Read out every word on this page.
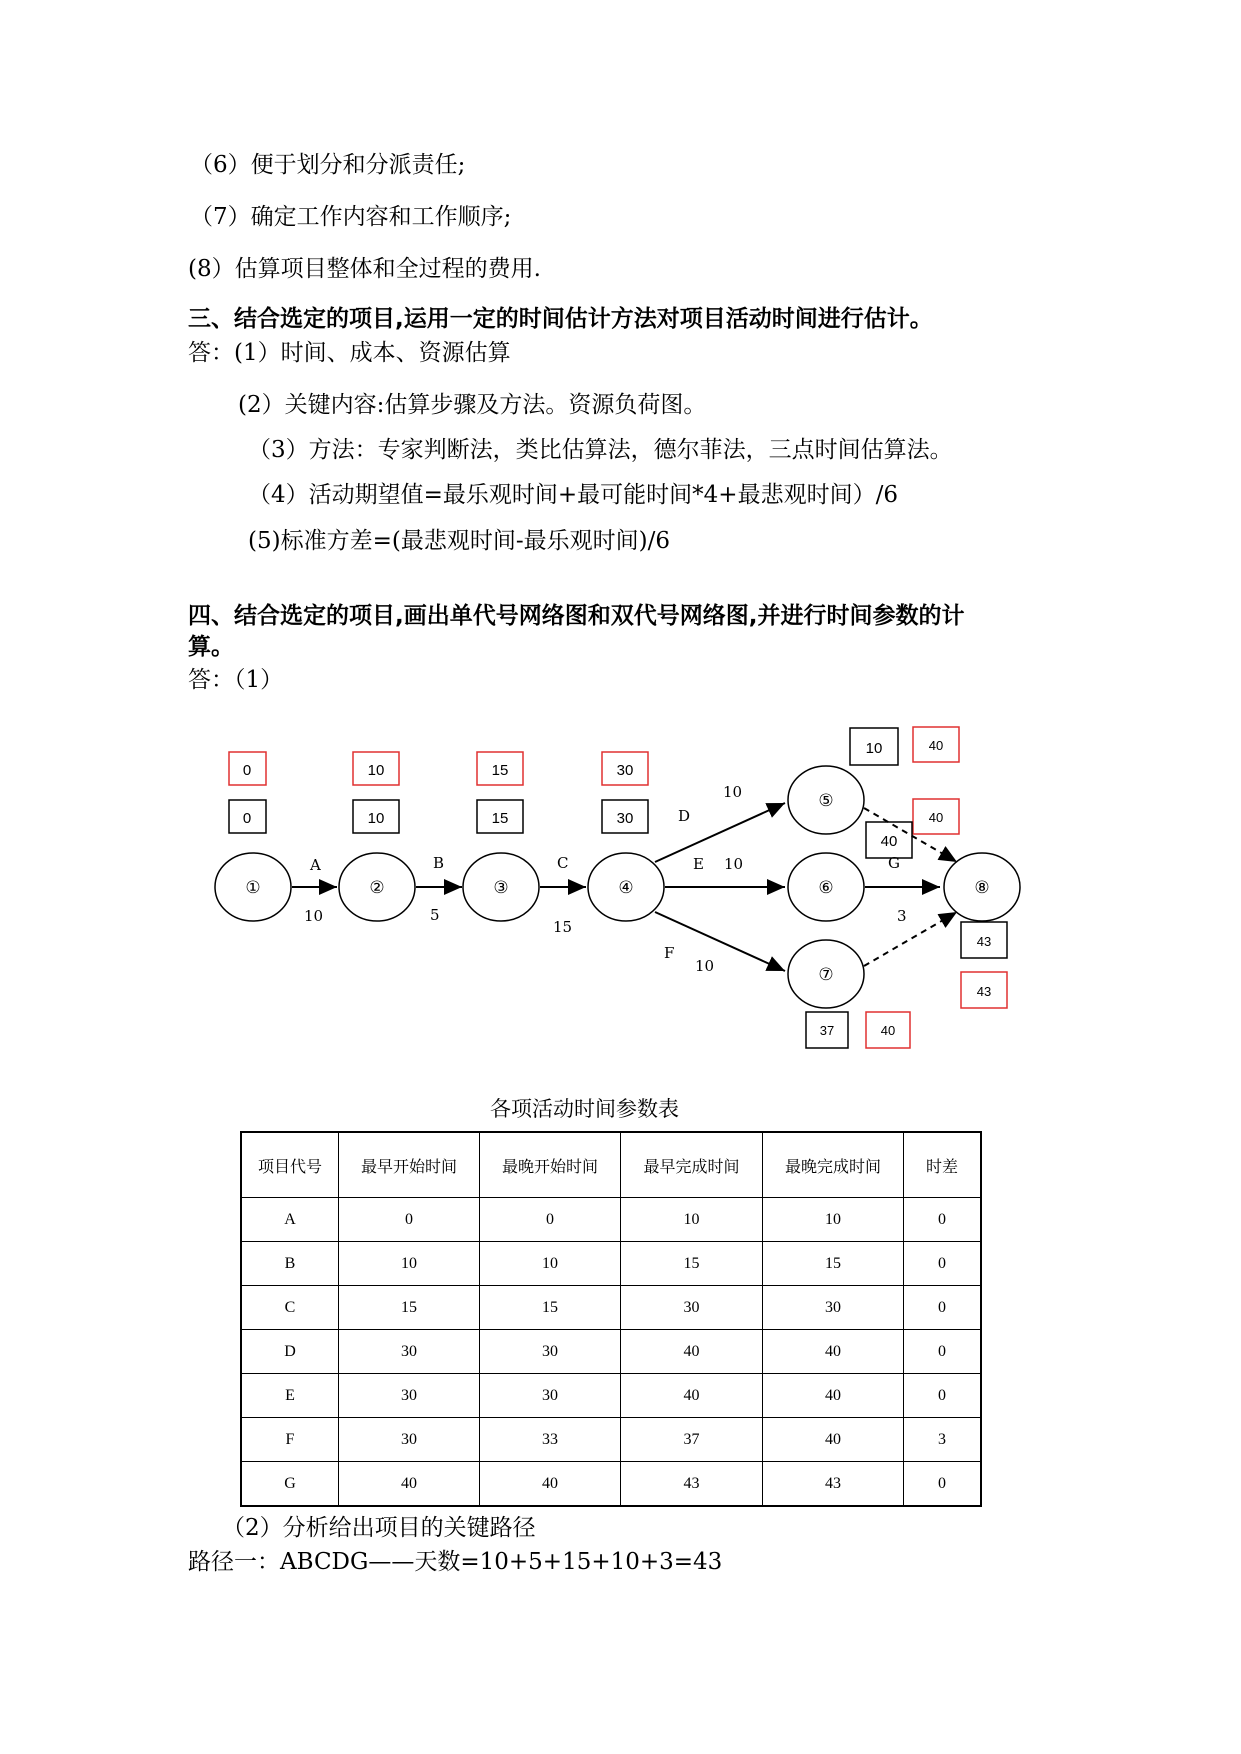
（6）便于划分和分派责任;
（7）确定工作内容和工作顺序;
(8）估算项目整体和全过程的费用.
三、结合选定的项目,运用一定的时间估计方法对项目活动时间进行估计。
答：(1）时间、成本、资源估算
(2）关键内容:估算步骤及方法。资源负荷图。
（3）方法：专家判断法，类比估算法，德尔菲法，三点时间估算法。
（4）活动期望值=最乐观时间+最可能时间*4+最悲观时间）/6
(5)标准方差=(最悲观时间-最乐观时间)/6
四、结合选定的项目,画出单代号网络图和双代号网络图,并进行时间参数的计
算。
答：（1）
0
0
10
10
15
15
30
30
10	40
40
40
37	40
43
43
①	②	③	④
⑤
⑥
⑦
⑧
A
10
B
5
C
15
D
10
E 10
F
10
G
3
各项活动时间参数表
项目代号	最早开始时间	最晚开始时间	最早完成时间	最晚完成时间	时差
A	0	0	10	10	0
B	10	10	15	15	0
C	15	15	30	30	0
D	30	30	40	40	0
E	30	30	40	40	0
F	30	33	37	40	3
G	40	40	43	43	0
（2）分析给出项目的关键路径
路径一：ABCDG——天数=10+5+15+10+3=43
